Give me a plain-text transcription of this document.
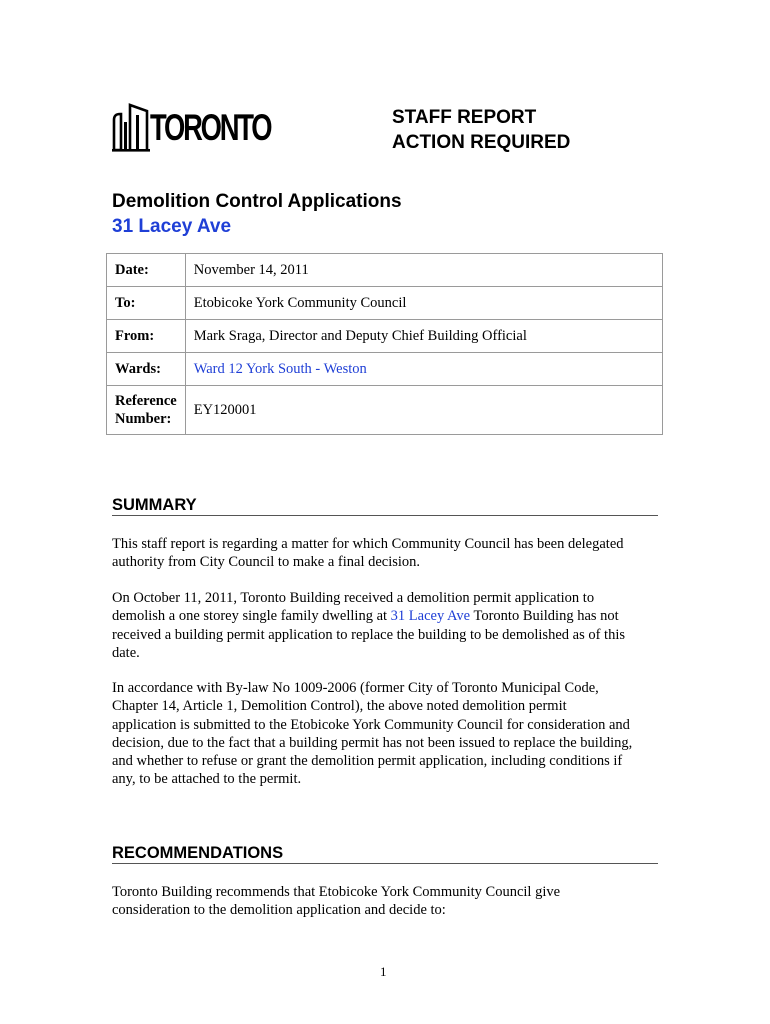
TORONTO	STAFF REPORT
ACTION REQUIRED
Demolition Control Applications
31 Lacey Ave
Date:	November 14, 2011
To:	Etobicoke York Community Council
From:	Mark Sraga, Director and Deputy Chief Building Official
Wards:	Ward 12 York South - Weston

Reference
Number:	EY120001
SUMMARY
This staff report is regarding a matter for which Community Council has been delegated
authority from City Council to make a final decision.
On October 11, 2011, Toronto Building received a demolition permit application to
demolish a one storey single family dwelling at 31 Lacey Ave Toronto Building has not
received a building permit application to replace the building to be demolished as of this
date.
In accordance with By-law No 1009-2006 (former City of Toronto Municipal Code,
Chapter 14, Article 1, Demolition Control), the above noted demolition permit
application is submitted to the Etobicoke York Community Council for consideration and
decision, due to the fact that a building permit has not been issued to replace the building,
and whether to refuse or grant the demolition permit application, including conditions if
any, to be attached to the permit.
RECOMMENDATIONS
Toronto Building recommends that Etobicoke York Community Council give
consideration to the demolition application and decide to:
1
